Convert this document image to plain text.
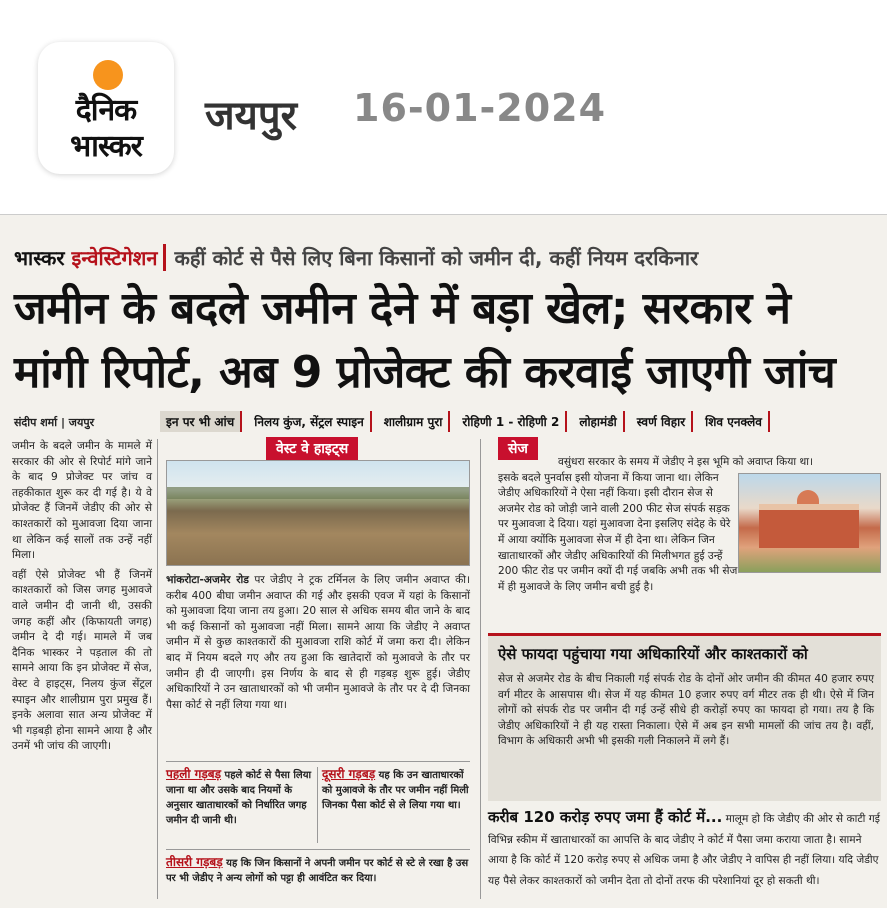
दैनिक
भास्कर
जयपुर 16-01-2024
भास्कर इन्वेस्टिगेशन कहीं कोर्ट से पैसे लिए बिना किसानों को जमीन दी, कहीं नियम दरकिनार
जमीन के बदले जमीन देने में बड़ा खेल; सरकार ने
मांगी रिपोर्ट, अब 9 प्रोजेक्ट की करवाई जाएगी जांच
संदीप शर्मा | जयपुर	इन पर भी आंच	निलय कुंज, सेंट्रल स्पाइन	शालीग्राम पुरा	रोहिणी 1 - रोहिणी 2	लोहामंडी	स्वर्ण विहार	शिव एनक्लेव

जमीन के बदले जमीन के मामले में सरकार की ओर से रिपोर्ट मांगे जाने के बाद 9 प्रोजेक्ट पर जांच व तहकीकात शुरू कर दी गई है। ये वे प्रोजेक्ट हैं जिनमें जेडीए की ओर से काश्तकारों को मुआवजा दिया जाना था लेकिन कई सालों तक उन्हें नहीं मिला।

वहीं ऐसे प्रोजेक्ट भी हैं जिनमें काश्तकारों को जिस जगह मुआवजे वाले जमीन दी जानी थी, उसकी जगह कहीं और (किफायती जगह) जमीन दे दी गई। मामले में जब दैनिक भास्कर ने पड़ताल की तो सामने आया कि इन प्रोजेक्ट में सेज, वेस्ट वे हाइट्स, निलय कुंज सेंट्रल स्पाइन और शालीग्राम पुरा प्रमुख हैं। इनके अलावा सात अन्य प्रोजेक्ट में भी गड़बड़ी होना सामने आया है और उनमें भी जांच की जाएगी।

वेस्ट वे हाइट्स
भांकरोटा-अजमेर रोड पर जेडीए ने ट्रक टर्मिनल के लिए जमीन अवाप्त की। करीब 400 बीघा जमीन अवाप्त की गई और इसकी एवज में यहां के किसानों को मुआवजा दिया जाना तय हुआ। 20 साल से अधिक समय बीत जाने के बाद भी कई किसानों को मुआवजा नहीं मिला। सामने आया कि जेडीए ने अवाप्त जमीन में से कुछ काश्तकारों की मुआवजा राशि कोर्ट में जमा करा दी। लेकिन बाद में नियम बदले गए और तय हुआ कि खातेदारों को मुआवजे के तौर पर जमीन ही दी जाएगी। इस निर्णय के बाद से ही गड़बड़ शुरू हुई। जेडीए अधिकारियों ने उन खाताधारकों को भी जमीन मुआवजे के तौर पर दे दी जिनका पैसा कोर्ट से नहीं लिया गया था।
सेज
वसुंधरा सरकार के समय में जेडीए ने इस भूमि को अवाप्त किया था।
इसके बदले पुनर्वास इसी योजना में किया जाना था। लेकिन जेडीए अधिकारियों ने ऐसा नहीं किया। इसी दौरान सेज से अजमेर रोड को जोड़ी जाने वाली 200 फीट सेज संपर्क सड़क पर मुआवजा दे दिया। यहां मुआवजा देना इसलिए संदेह के घेरे में आया क्योंकि मुआवजा सेज में ही देना था। लेकिन जिन खाताधारकों और जेडीए अधिकारियों की मिलीभगत हुई उन्हें 200 फीट रोड पर जमीन क्यों दी गई जबकि अभी तक भी सेज में ही मुआवजे के लिए जमीन बची हुई है।
ऐसे फायदा पहुंचाया गया अधिकारियों और काश्तकारों को
सेज से अजमेर रोड के बीच निकाली गई संपर्क रोड के दोनों ओर जमीन की कीमत 40 हजार रुपए वर्ग मीटर के आसपास थी। सेज में यह कीमत 10 हजार रुपए वर्ग मीटर तक ही थी। ऐसे में जिन लोगों को संपर्क रोड पर जमीन दी गई उन्हें सीधे ही करोड़ों रुपए का फायदा हो गया। तय है कि जेडीए अधिकारियों ने ही यह रास्ता निकाला। ऐसे में अब इन सभी मामलों की जांच तय है। वहीं, विभाग के अधिकारी अभी भी इसकी गली निकालने में लगे हैं।
करीब 120 करोड़ रुपए जमा हैं कोर्ट में... मालूम हो कि जेडीए की ओर से काटी गई विभिन्न स्कीम में खाताधारकों का आपत्ति के बाद जेडीए ने कोर्ट में पैसा जमा कराया जाता है। सामने आया है कि कोर्ट में 120 करोड़ रुपए से अधिक जमा है और जेडीए ने वापिस ही नहीं लिया। यदि जेडीए यह पैसे लेकर काश्तकारों को जमीन देता तो दोनों तरफ की परेशानियां दूर हो सकती थी।
पहली गड़बड़ पहले कोर्ट से पैसा लिया जाना था और उसके बाद नियमों के अनुसार खाताधारकों को निर्धारित जगह जमीन दी जानी थी।
दूसरी गड़बड़ यह कि उन खाताधारकों को मुआवजे के तौर पर जमीन नहीं मिली जिनका पैसा कोर्ट से ले लिया गया था।
तीसरी गड़बड़ यह कि जिन किसानों ने अपनी जमीन पर कोर्ट से स्टे ले रखा है उस पर भी जेडीए ने अन्य लोगों को पट्टा ही आवंटित कर दिया।
